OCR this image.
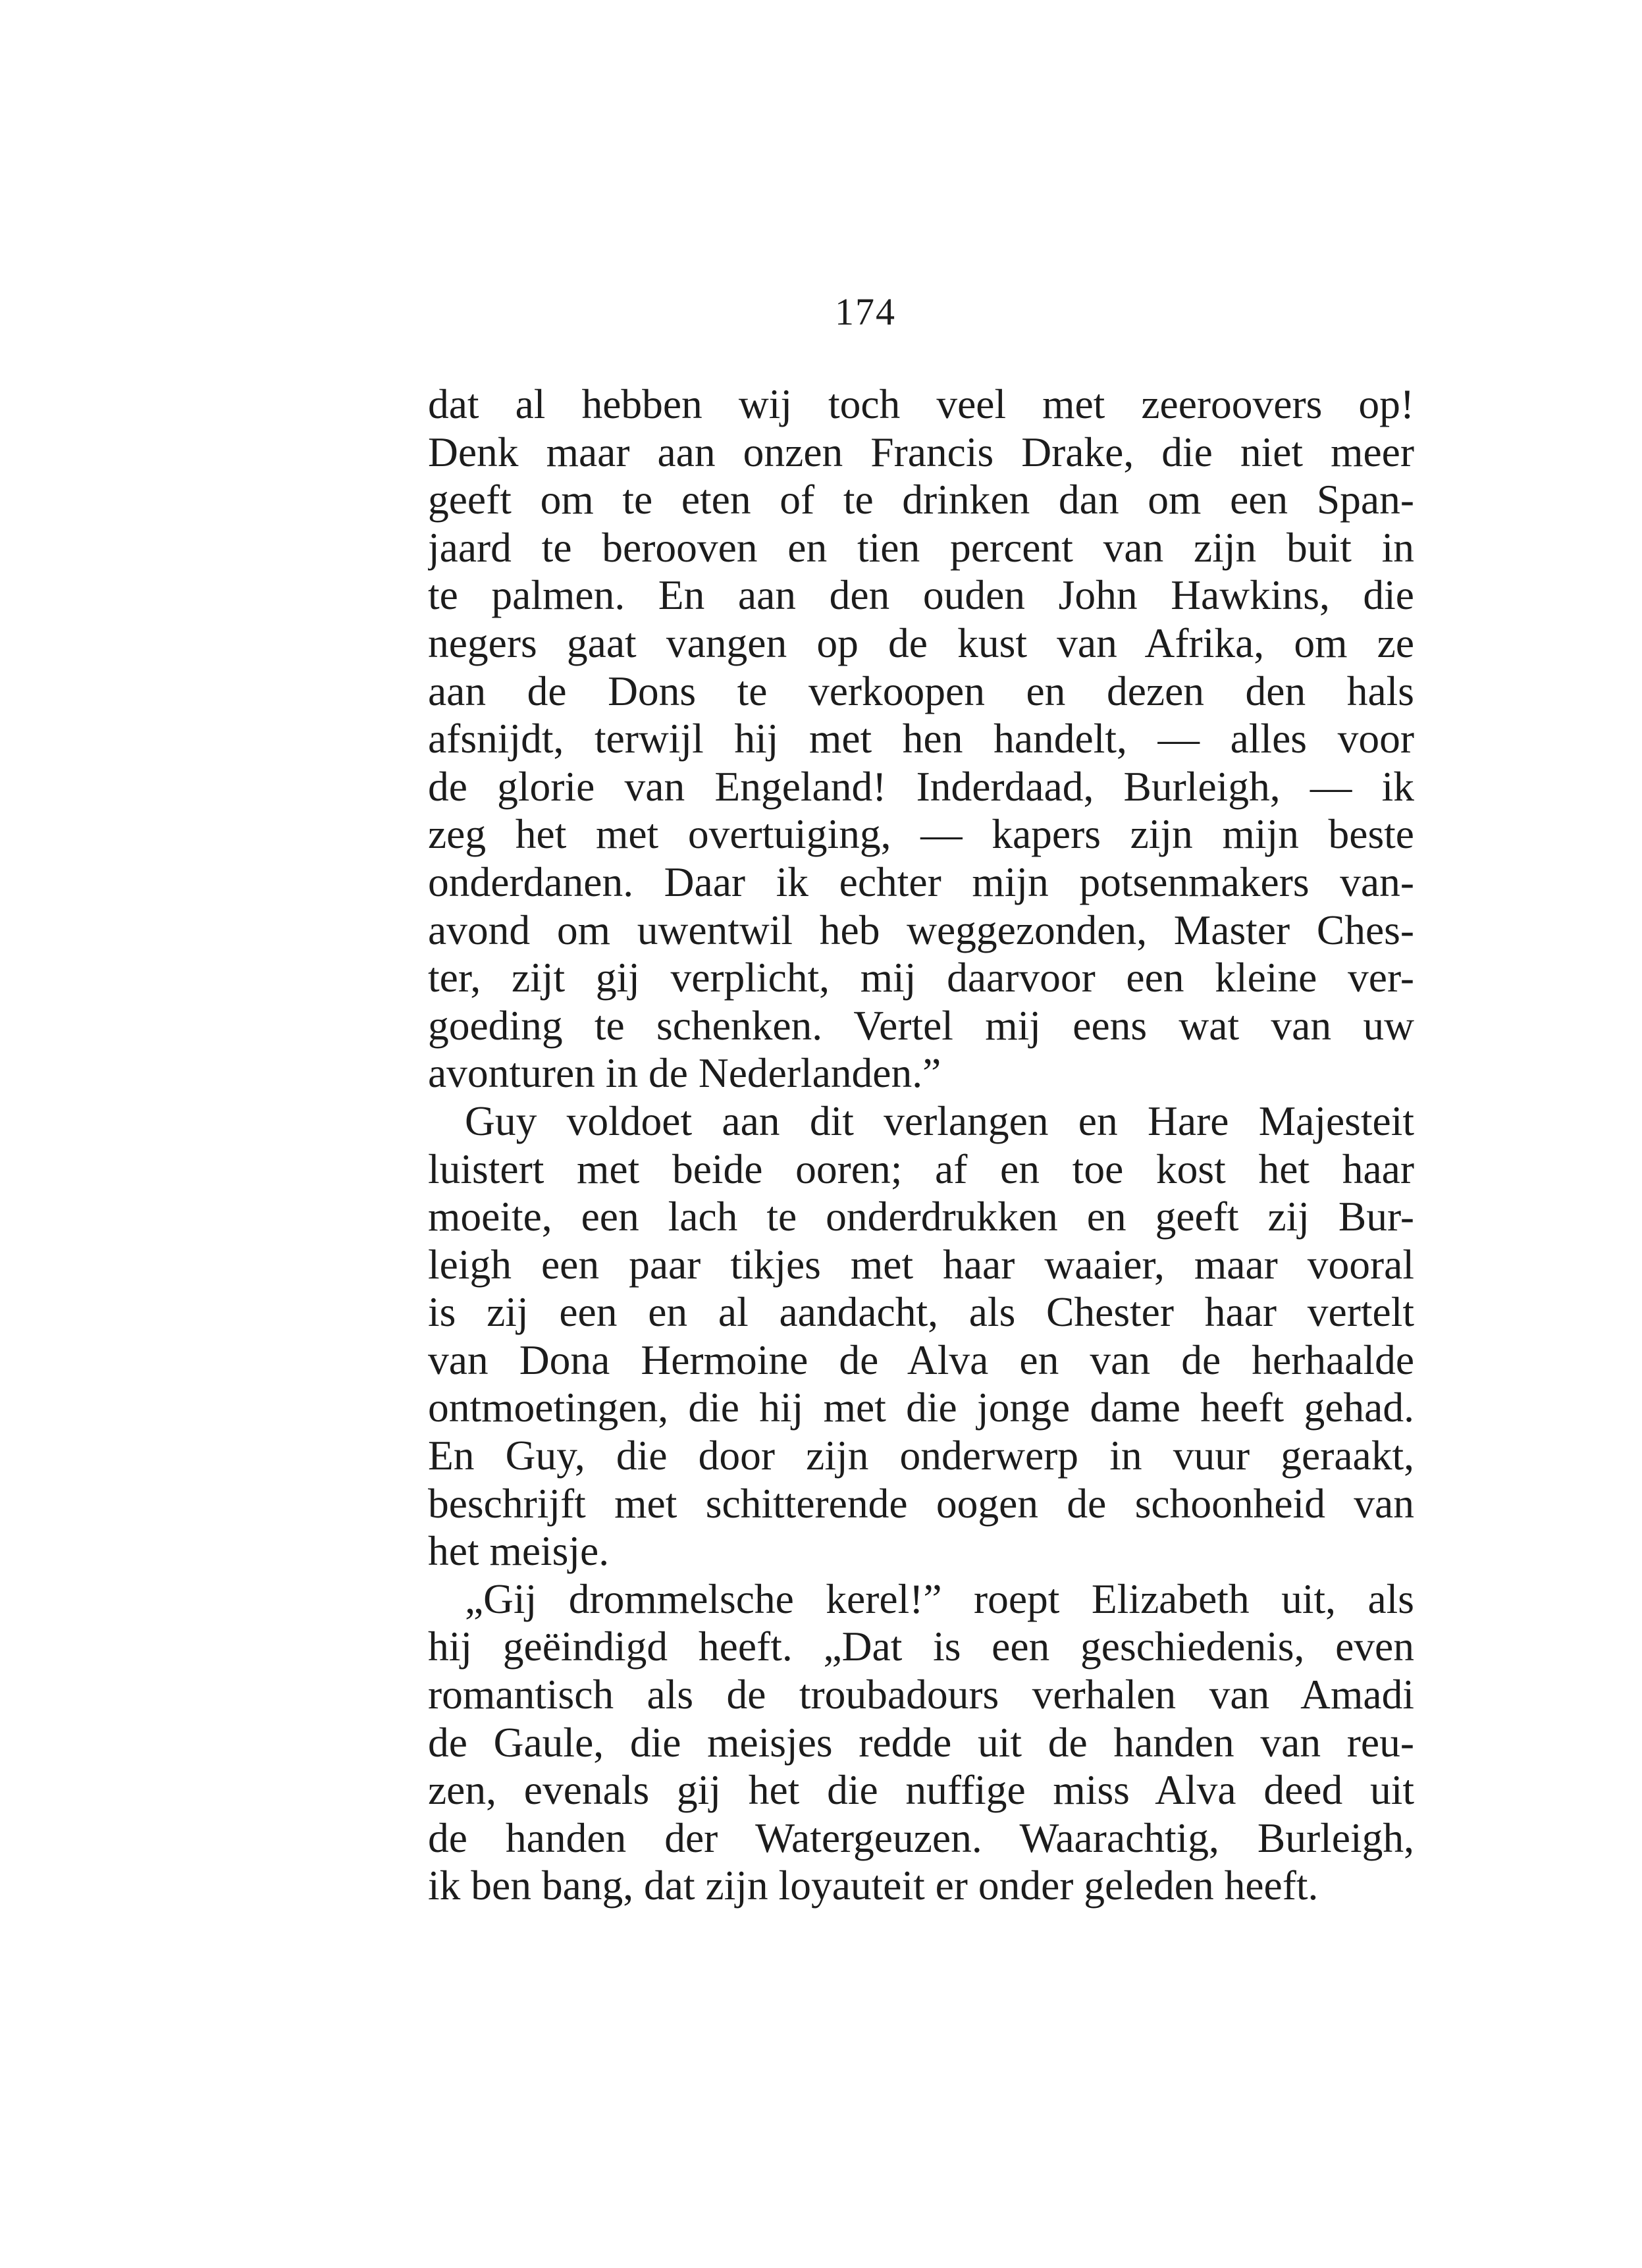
174
dat al hebben wij toch veel met zeeroovers op!
Denk maar aan onzen Francis Drake, die niet meer
geeft om te eten of te drinken dan om een Span-
jaard te berooven en tien percent van zijn buit in
te palmen. En aan den ouden John Hawkins, die
negers gaat vangen op de kust van Afrika, om ze
aan de Dons te verkoopen en dezen den hals
afsnijdt, terwijl hij met hen handelt, — alles voor
de glorie van Engeland! Inderdaad, Burleigh, — ik
zeg het met overtuiging, — kapers zijn mijn beste
onderdanen. Daar ik echter mijn potsenmakers van-
avond om uwentwil heb weggezonden, Master Ches-
ter, zijt gij verplicht, mij daarvoor een kleine ver-
goeding te schenken. Vertel mij eens wat van uw
avonturen in de Nederlanden.”
Guy voldoet aan dit verlangen en Hare Majesteit
luistert met beide ooren; af en toe kost het haar
moeite, een lach te onderdrukken en geeft zij Bur-
leigh een paar tikjes met haar waaier, maar vooral
is zij een en al aandacht, als Chester haar vertelt
van Dona Hermoine de Alva en van de herhaalde
ontmoetingen, die hij met die jonge dame heeft gehad.
En Guy, die door zijn onderwerp in vuur geraakt,
beschrijft met schitterende oogen de schoonheid van
het meisje.
„Gij drommelsche kerel!” roept Elizabeth uit, als
hij geëindigd heeft. „Dat is een geschiedenis, even
romantisch als de troubadours verhalen van Amadi
de Gaule, die meisjes redde uit de handen van reu-
zen, evenals gij het die nuffige miss Alva deed uit
de handen der Watergeuzen. Waarachtig, Burleigh,
ik ben bang, dat zijn loyauteit er onder geleden heeft.
